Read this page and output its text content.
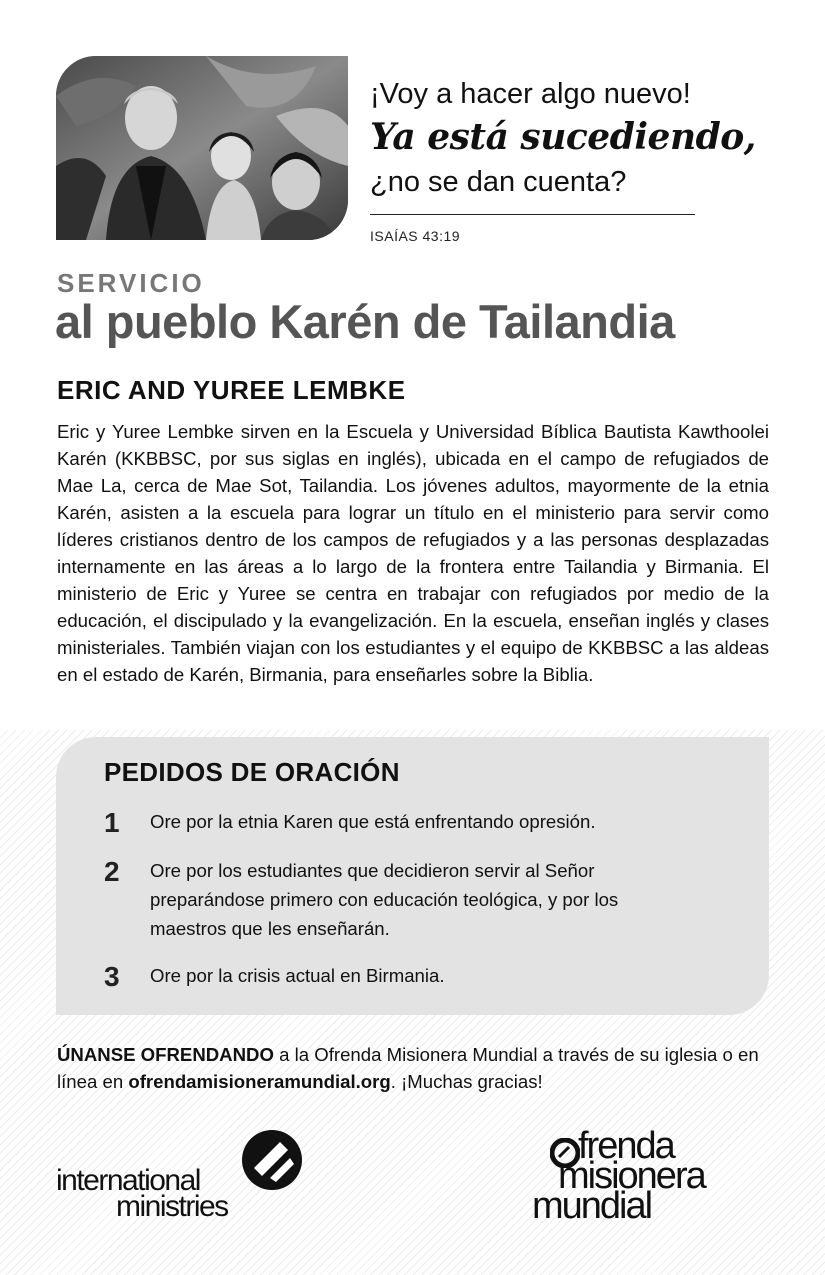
¡Voy a hacer algo nuevo!
Ya está sucediendo,
¿no se dan cuenta?
ISAÍAS 43:19
SERVICIO
al pueblo Karén de Tailandia
ERIC AND YUREE LEMBKE
Eric y Yuree Lembke sirven en la Escuela y Universidad Bíblica Bautista Kawthoolei Karén (KKBBSC, por sus siglas en inglés), ubicada en el campo de refugiados de Mae La, cerca de Mae Sot, Tailandia. Los jóvenes adultos, mayormente de la etnia Karén, asisten a la escuela para lograr un título en el ministerio para servir como líderes cristianos dentro de los campos de refugiados y a las personas desplazadas internamente en las áreas a lo largo de la frontera entre Tailandia y Birmania. El ministerio de Eric y Yuree se centra en trabajar con refugiados por medio de la educación, el discipulado y la evangelización. En la escuela, enseñan inglés y clases ministeriales. También viajan con los estudiantes y el equipo de KKBBSC a las aldeas en el estado de Karén, Birmania, para enseñarles sobre la Biblia.
PEDIDOS DE ORACIÓN
1	Ore por la etnia Karen que está enfrentando opresión.
2	Ore por los estudiantes que decidieron servir al Señor preparándose primero con educación teológica, y por los maestros que les enseñarán.
3	Ore por la crisis actual en Birmania.
ÚNANSE OFRENDANDO a la Ofrenda Misionera Mundial a través de su iglesia o en línea en ofrendamisioneramundial.org. ¡Muchas gracias!
international
ministries
frenda
misionera
mundial
